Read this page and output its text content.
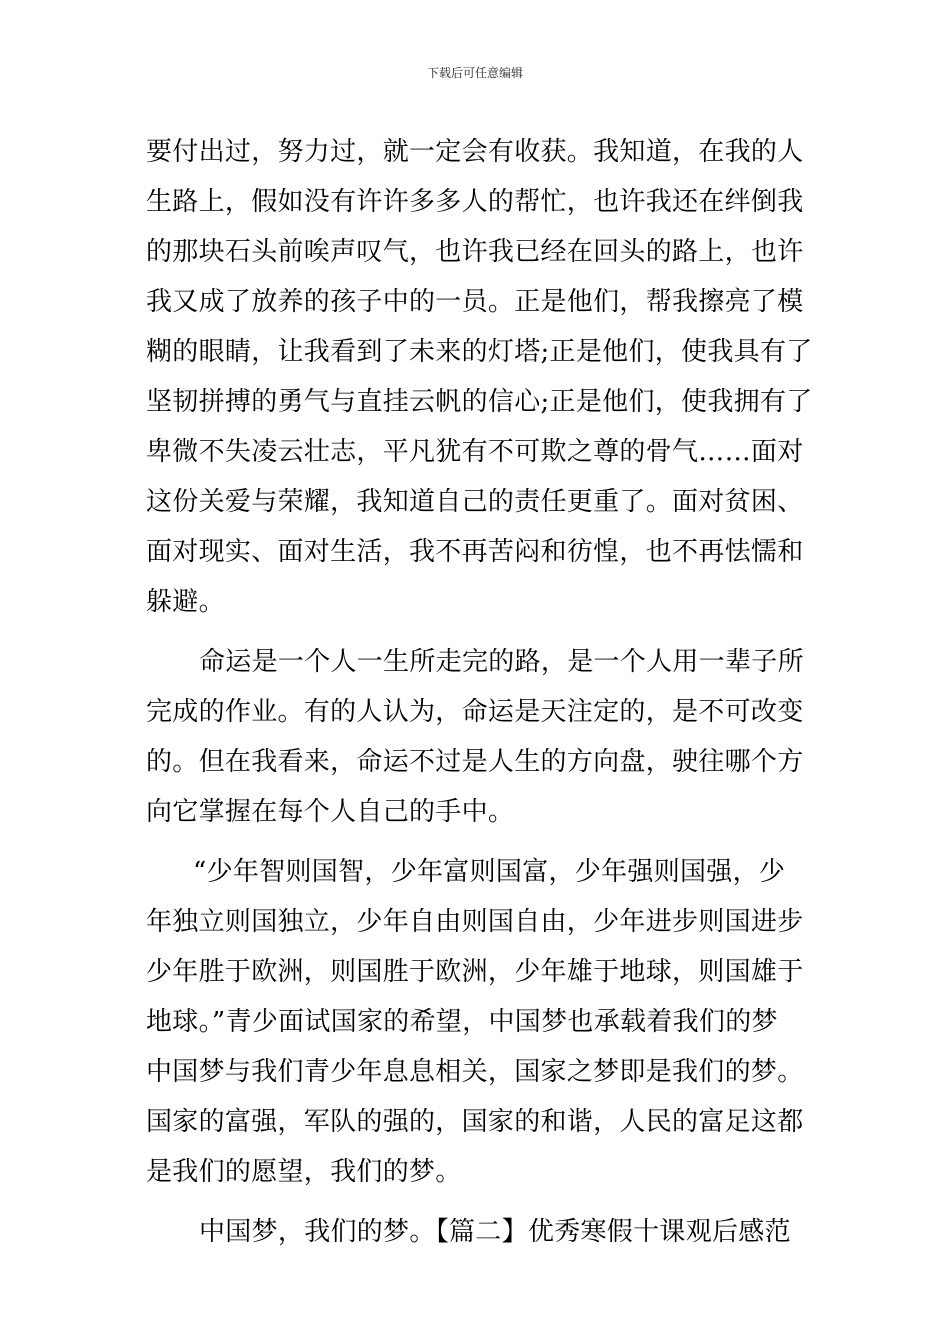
下载后可任意编辑
要付出过，努力过，就一定会有收获。我知道，在我的人
生路上，假如没有许许多多人的帮忙，也许我还在绊倒我
的那块石头前唉声叹气，也许我已经在回头的路上，也许
我又成了放养的孩子中的一员。正是他们，帮我擦亮了模
糊的眼睛，让我看到了未来的灯塔;正是他们，使我具有了
坚韧拼搏的勇气与直挂云帆的信心;正是他们，使我拥有了
卑微不失凌云壮志，平凡犹有不可欺之尊的骨气……面对
这份关爱与荣耀，我知道自己的责任更重了。面对贫困、
面对现实、面对生活，我不再苦闷和彷惶，也不再怯懦和
躲避。
命运是一个人一生所走完的路，是一个人用一辈子所
完成的作业。有的人认为，命运是天注定的，是不可改变
的。但在我看来，命运不过是人生的方向盘，驶往哪个方
向它掌握在每个人自己的手中。
“少年智则国智，少年富则国富，少年强则国强，少
年独立则国独立，少年自由则国自由，少年进步则国进步
少年胜于欧洲，则国胜于欧洲，少年雄于地球，则国雄于
地球。”青少面试国家的希望，中国梦也承载着我们的梦
中国梦与我们青少年息息相关，国家之梦即是我们的梦。
国家的富强，军队的强的，国家的和谐，人民的富足这都
是我们的愿望，我们的梦。
中国梦，我们的梦。【篇二】优秀寒假十课观后感范
